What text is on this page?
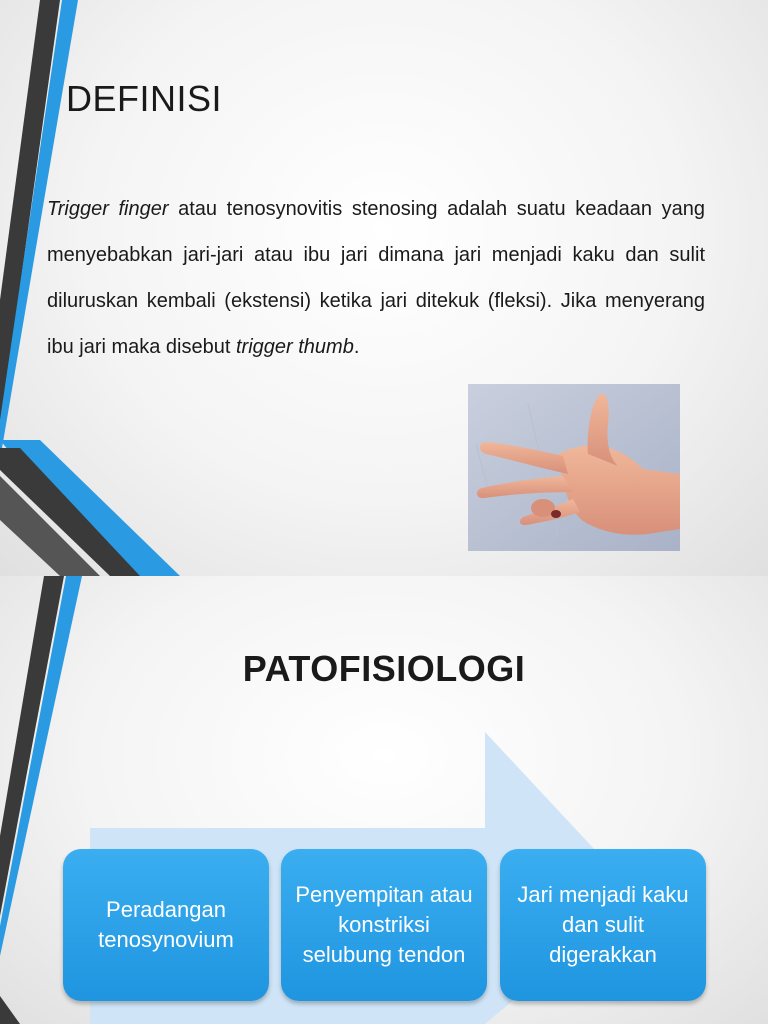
DEFINISI

Trigger finger atau tenosynovitis stenosing adalah suatu keadaan yang menyebabkan jari-jari atau ibu jari dimana jari menjadi kaku dan sulit diluruskan kembali (ekstensi) ketika jari ditekuk (fleksi). Jika menyerang ibu jari maka disebut trigger thumb.

PATOFISIOLOGI
Peradangan tenosynovium
Penyempitan atau konstriksi selubung tendon
Jari menjadi kaku dan sulit digerakkan
